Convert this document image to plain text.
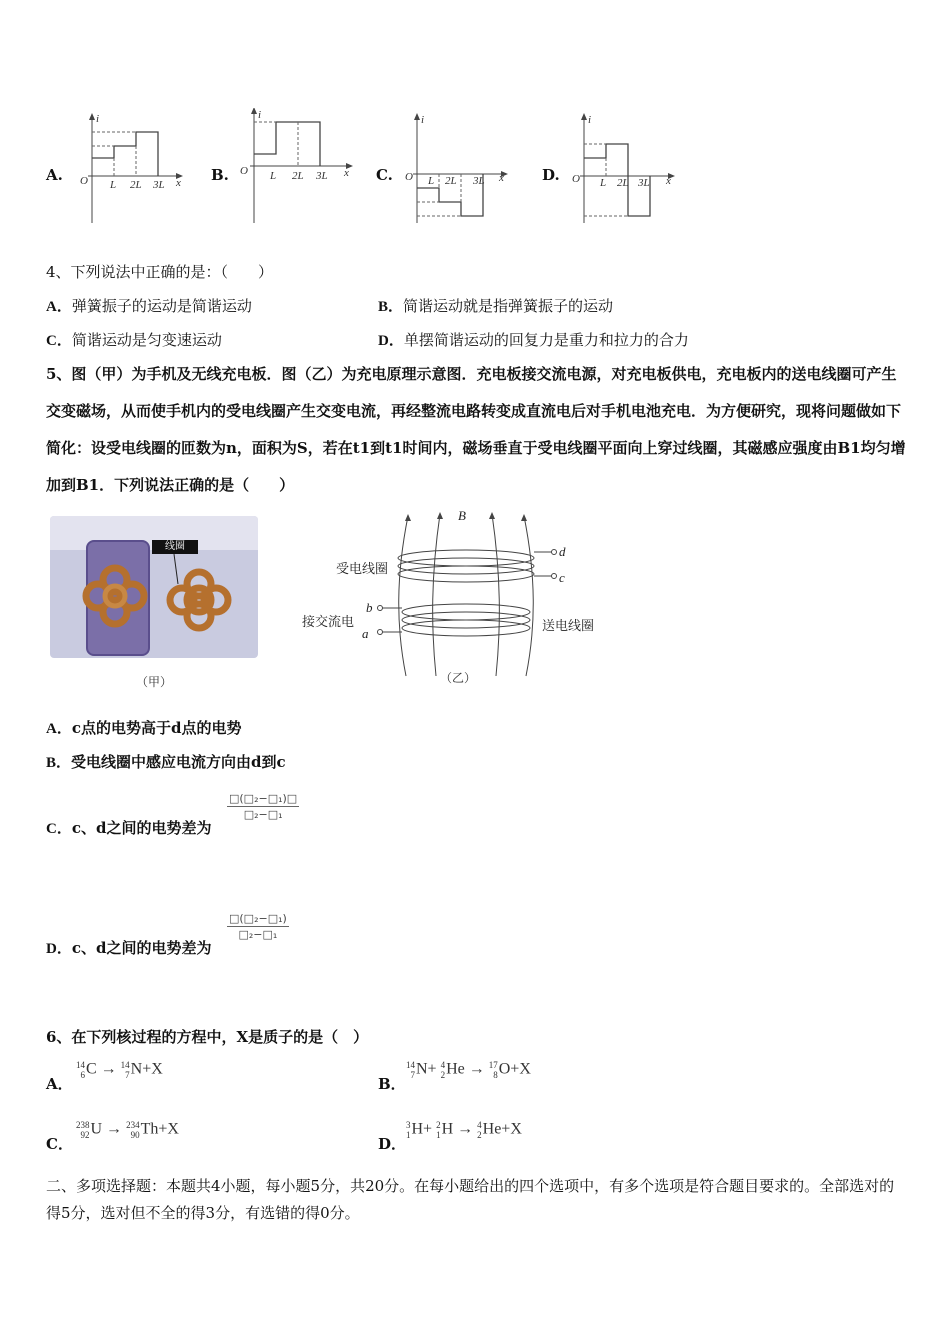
A.	B.	C.	D.
i
x
O L 2L 3L
i
x
O L 2L 3L
i
x
O L 2L 3L
i
x
O L 2L 3L
4、下列说法中正确的是：（　　）
A．弹簧振子的运动是简谐运动	B．简谐运动就是指弹簧振子的运动
C．简谐运动是匀变速运动	D．单摆简谐运动的回复力是重力和拉力的合力
5、图（甲）为手机及无线充电板．图（乙）为充电原理示意图．充电板接交流电源，对充电板供电，充电板内的送电线圈可产生交变磁场，从而使手机内的受电线圈产生交变电流，再经整流电路转变成直流电后对手机电池充电．为方便研究，现将问题做如下简化：设受电线圈的匝数为n，面积为S，若在t1到t1时间内，磁场垂直于受电线圈平面向上穿过线圈，其磁感应强度由B1均匀增加到B1．下列说法正确的是（　　）
线圈
（甲）
B
d
c
b
a
受电线圈
接交流电	送电线圈
（乙）
A．c点的电势高于d点的电势
B．受电线圈中感应电流方向由d到c
C．c、d之间的电势差为
□(□₂−□₁)□
□₂−□₁
D．c、d之间的电势差为
□(□₂−□₁)
□₂−□₁
6、在下列核过程的方程中，X是质子的是（　）
A．
14
6 C → 14
7 N+X
B．
14
7 N+ 4
2 He → 17
8 O+X
C．
238
92 U → 234
90 Th+X
D．
3
1 H+ 2
1 H → 4
2 He+X
二、多项选择题：本题共4小题，每小题5分，共20分。在每小题给出的四个选项中，有多个选项是符合题目要求的。全部选对的得5分，选对但不全的得3分，有选错的得0分。
